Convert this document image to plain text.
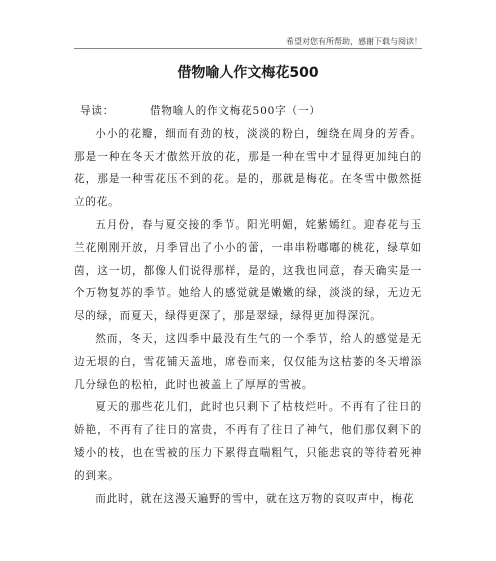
希望对您有所帮助，感谢下载与阅读！
借物喻人作文梅花500

导读：	借物喻人的作文梅花500字（一）

小小的花瓣，细而有劲的枝，淡淡的粉白，缠绕在周身的芳香。那是一种在冬天才傲然开放的花，那是一种在雪中才显得更加纯白的花，那是一种雪花压不到的花。是的，那就是梅花。在冬雪中傲然挺立的花。

五月份，春与夏交接的季节。阳光明媚，姹紫嫣红。迎春花与玉兰花刚刚开放，月季冒出了小小的蕾，一串串粉嘟嘟的桃花，绿草如茵，这一切，都像人们说得那样，是的，这我也同意，春天确实是一个万物复苏的季节。她给人的感觉就是嫩嫩的绿，淡淡的绿，无边无尽的绿，而夏天，绿得更深了，那是翠绿，绿得更加得深沉。

然而，冬天，这四季中最没有生气的一个季节，给人的感觉是无边无垠的白，雪花铺天盖地，席卷而来，仅仅能为这枯萎的冬天增添几分绿色的松柏，此时也被盖上了厚厚的雪被。

夏天的那些花儿们，此时也只剩下了枯枝烂叶。不再有了往日的娇艳，不再有了往日的富贵，不再有了往日了神气，他们那仅剩下的矮小的枝，也在雪被的压力下累得直喘粗气，只能悲哀的等待着死神的到来。

而此时，就在这漫天遍野的雪中，就在这万物的哀叹声中，梅花
